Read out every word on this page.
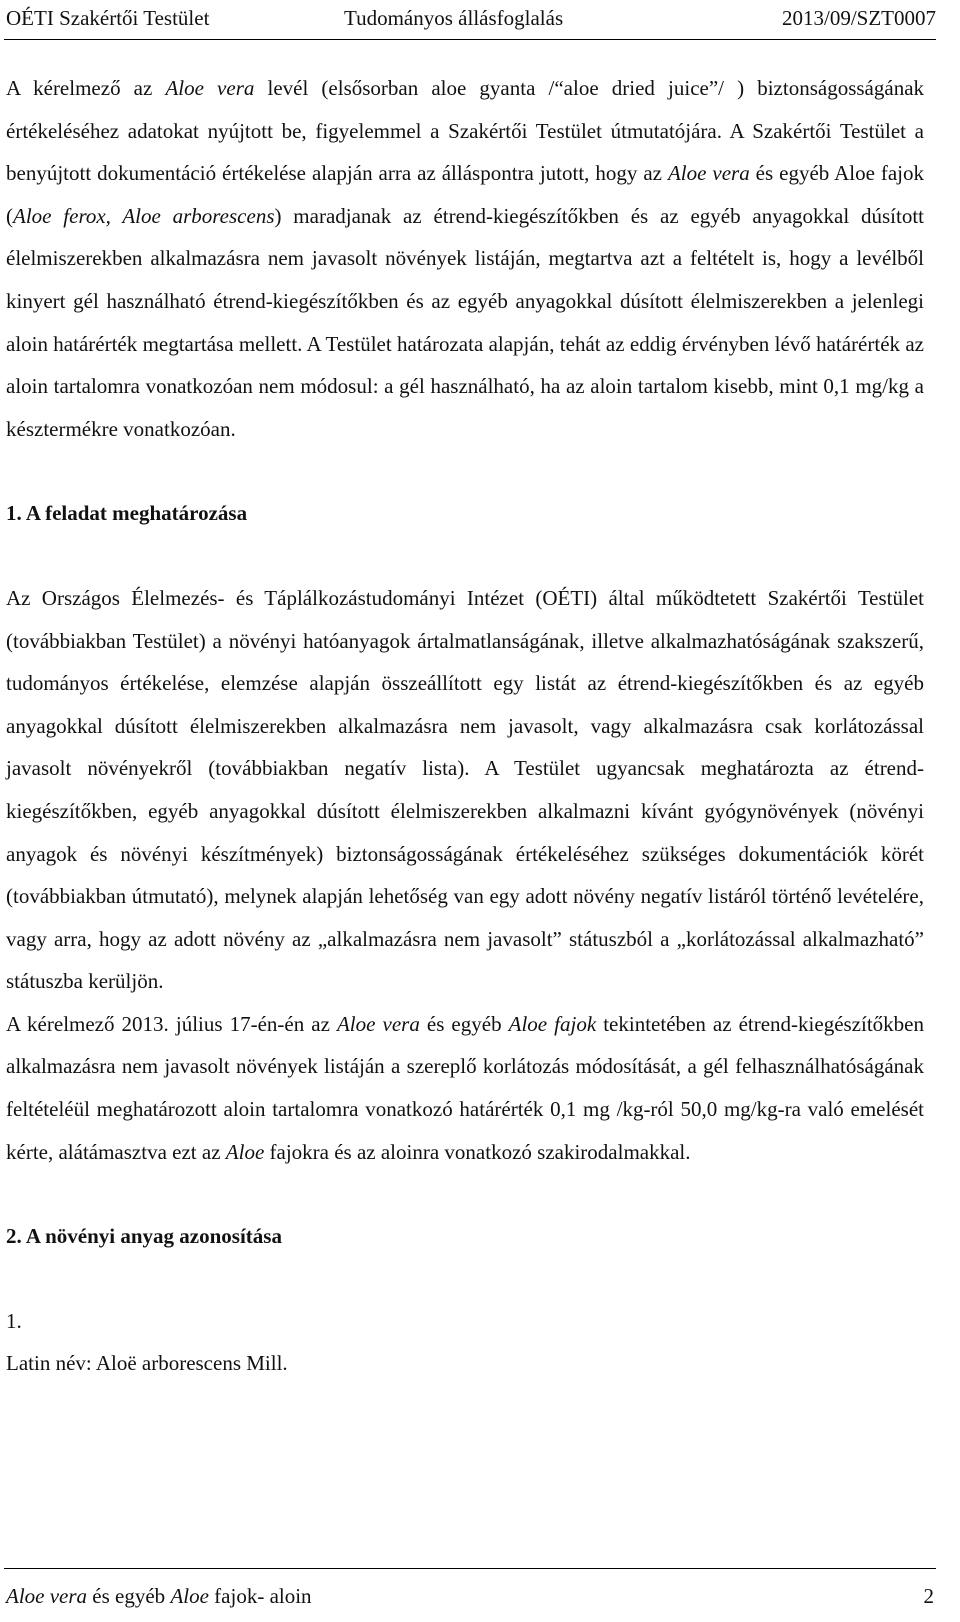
OÉTI Szakértői Testület	Tudományos állásfoglalás	2013/09/SZT0007

A kérelmező az Aloe vera levél (elsősorban aloe gyanta /“aloe dried juice”/ ) biztonságosságának értékeléséhez adatokat nyújtott be, figyelemmel a Szakértői Testület útmutatójára. A Szakértői Testület a benyújtott dokumentáció értékelése alapján arra az álláspontra jutott, hogy az Aloe vera és egyéb Aloe fajok (Aloe ferox, Aloe arborescens) maradjanak az étrend-kiegészítőkben és az egyéb anyagokkal dúsított élelmiszerekben alkalmazásra nem javasolt növények listáján, megtartva azt a feltételt is, hogy a levélből kinyert gél használható étrend-kiegészítőkben és az egyéb anyagokkal dúsított élelmiszerekben a jelenlegi aloin határérték megtartása mellett. A Testület határozata alapján, tehát az eddig érvényben lévő határérték az aloin tartalomra vonatkozóan nem módosul: a gél használható, ha az aloin tartalom kisebb, mint 0,1 mg/kg a késztermékre vonatkozóan.

1. A feladat meghatározása

Az Országos Élelmezés- és Táplálkozástudományi Intézet (OÉTI) által működtetett Szakértői Testület (továbbiakban Testület) a növényi hatóanyagok ártalmatlanságának, illetve alkalmazhatóságának szakszerű, tudományos értékelése, elemzése alapján összeállított egy listát az étrend-kiegészítőkben és az egyéb anyagokkal dúsított élelmiszerekben alkalmazásra nem javasolt, vagy alkalmazásra csak korlátozással javasolt növényekről (továbbiakban negatív lista). A Testület ugyancsak meghatározta az étrend-kiegészítőkben, egyéb anyagokkal dúsított élelmiszerekben alkalmazni kívánt gyógynövények (növényi anyagok és növényi készítmények) biztonságosságának értékeléséhez szükséges dokumentációk körét (továbbiakban útmutató), melynek alapján lehetőség van egy adott növény negatív listáról történő levételére, vagy arra, hogy az adott növény az „alkalmazásra nem javasolt” státuszból a „korlátozással alkalmazható” státuszba kerüljön.

A kérelmező 2013. július 17-én-én az Aloe vera és egyéb Aloe fajok tekintetében az étrend-kiegészítőkben alkalmazásra nem javasolt növények listáján a szereplő korlátozás módosítását, a gél felhasználhatóságának feltételéül meghatározott aloin tartalomra vonatkozó határérték 0,1 mg /kg-ról 50,0 mg/kg-ra való emelését kérte, alátámasztva ezt az Aloe fajokra és az aloinra vonatkozó szakirodalmakkal.

2. A növényi anyag azonosítása

1.

Latin név: Aloë arborescens Mill.

Aloe vera és egyéb Aloe fajok- aloin	2
